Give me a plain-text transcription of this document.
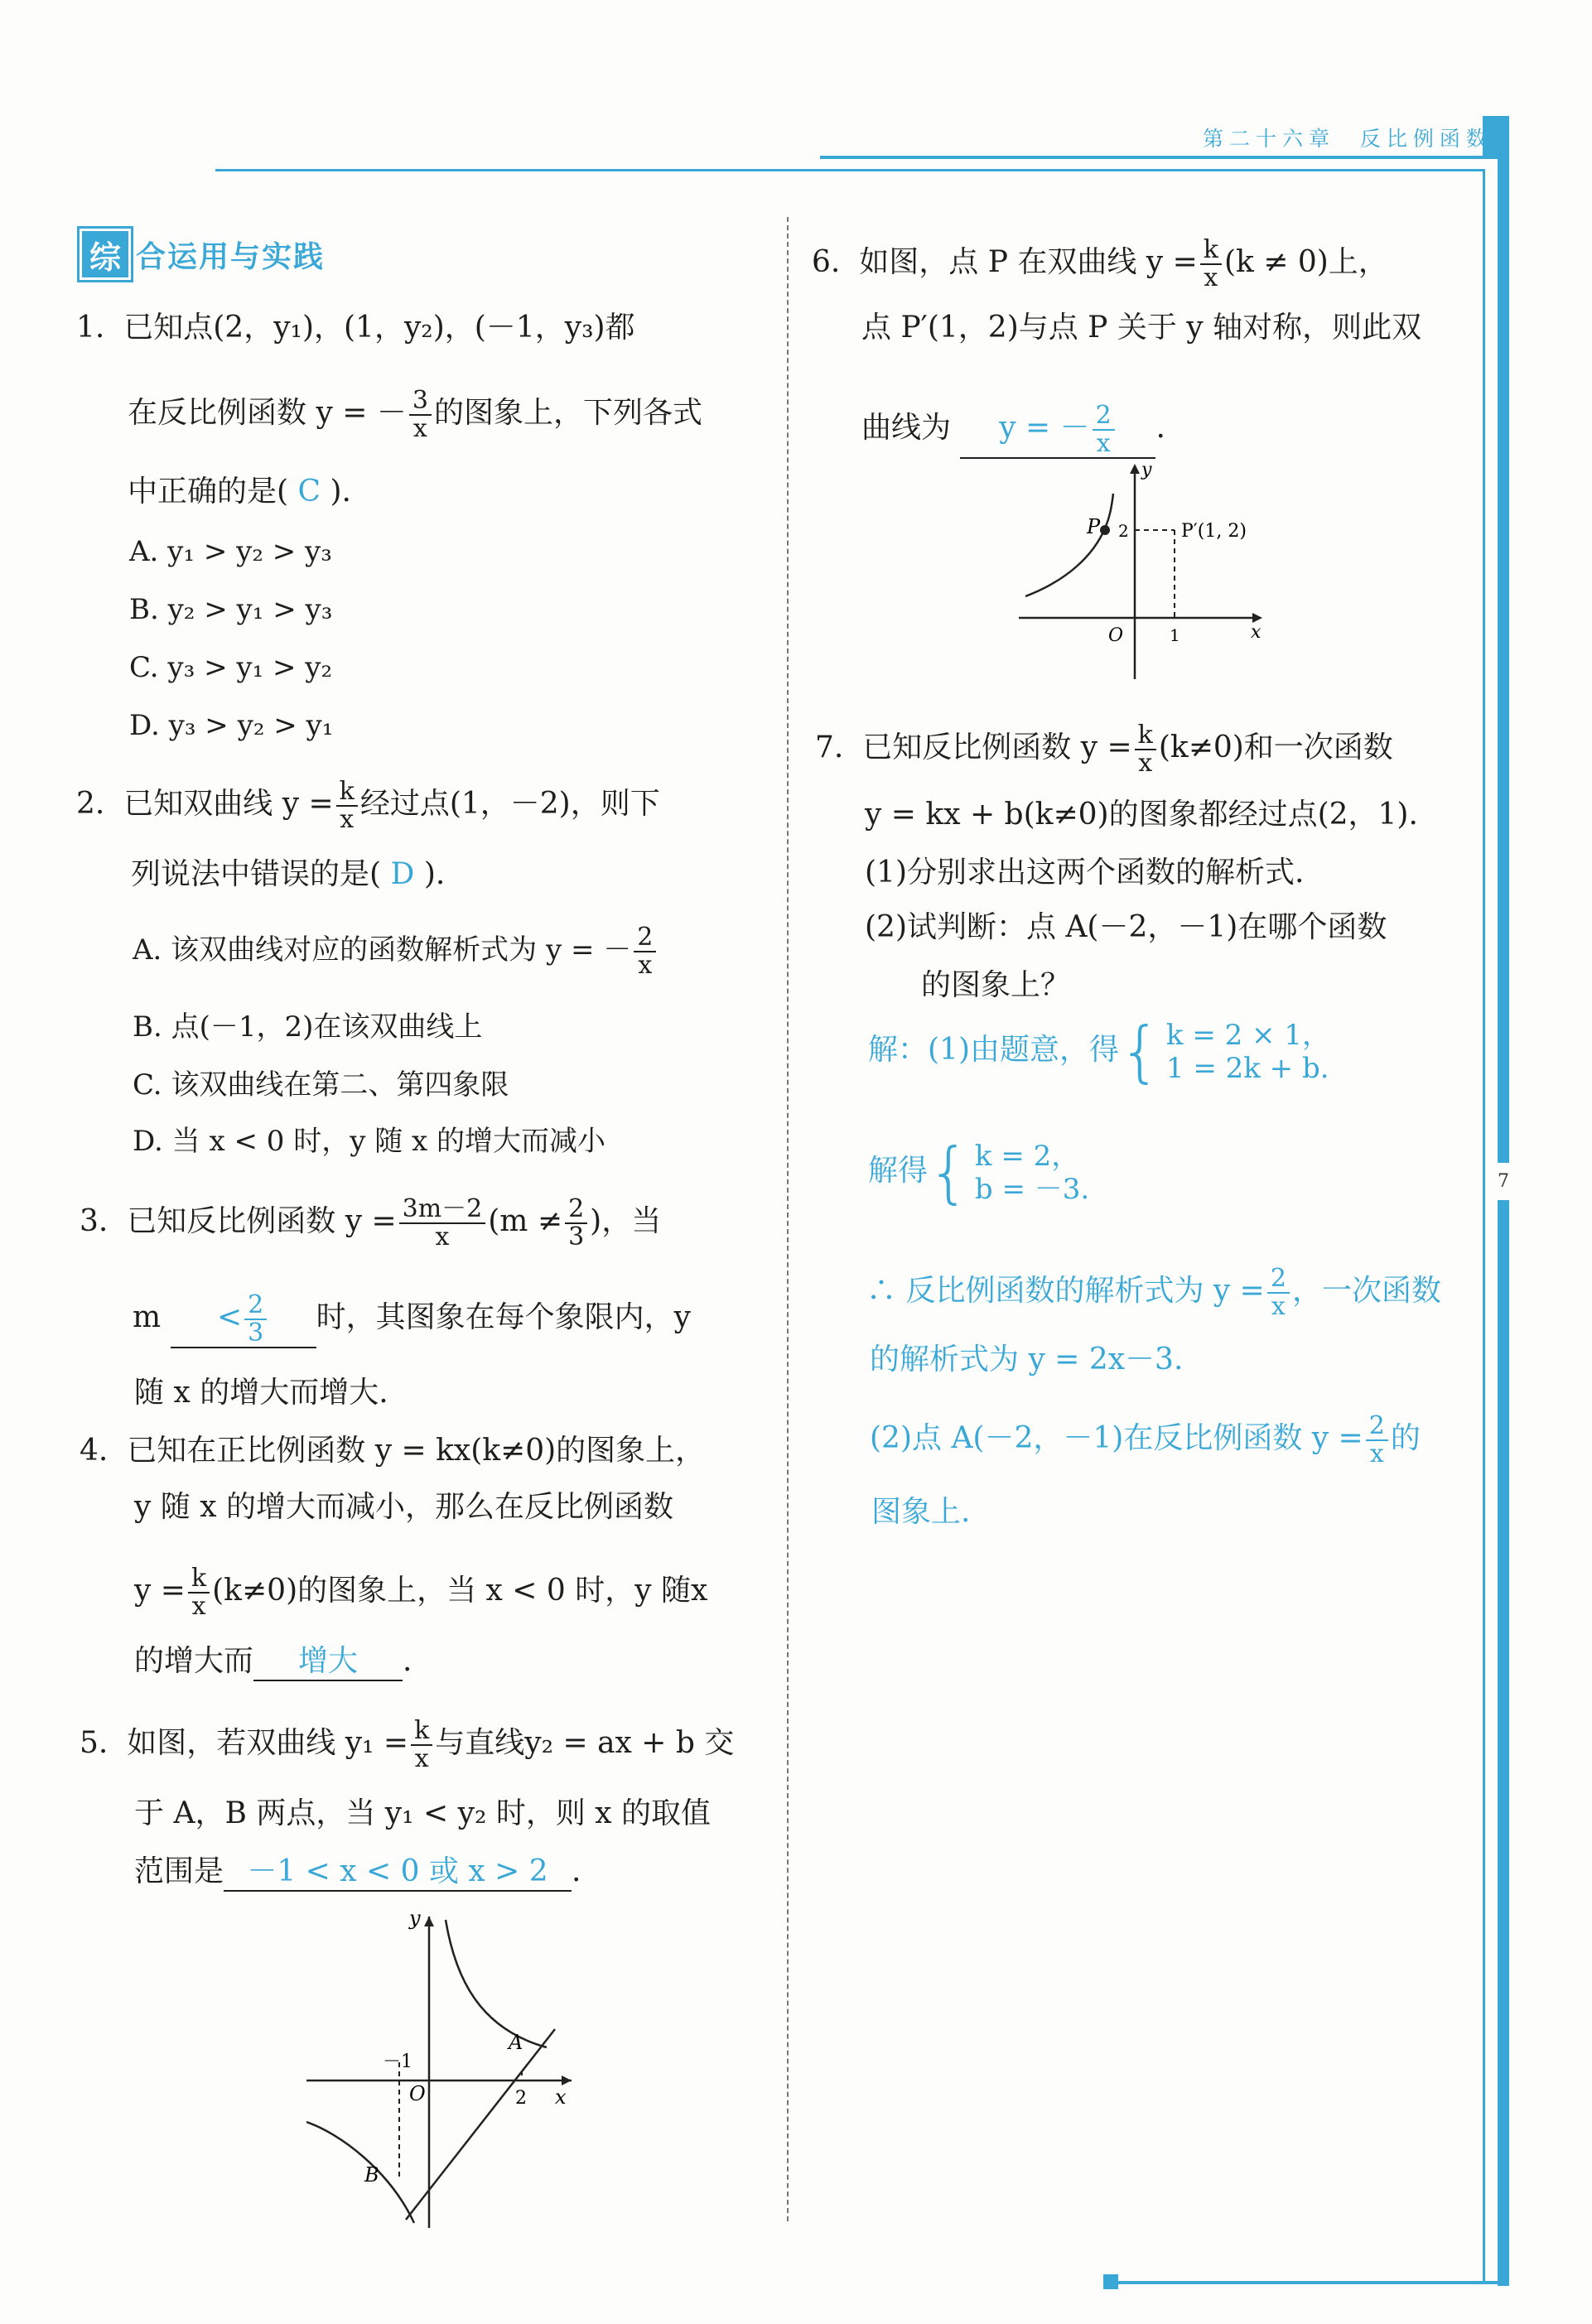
第二十六章 反比例函数
7
综 合运用与实践
1. 已知点(2，y₁)，(1，y₂)，(－1，y₃)都
在反比例函数 y = － $\frac{3}{x}$ 的图象上，下列各式
中正确的是( C ).
A. y₁ > y₂ > y₃
B. y₂ > y₁ > y₃
C. y₃ > y₁ > y₂
D. y₃ > y₂ > y₁
2. 已知双曲线 $y = \frac{k}{x}$ 经过点(1，－2)，则下
列说法中错误的是( D ).
A. 该双曲线对应的函数解析式为 y = － $\frac{2}{x}$
B. 点(－1，2)在该双曲线上
C. 该双曲线在第二、第四象限
D. 当 x < 0 时，y 随 x 的增大而减小
3. 已知反比例函数 $y = \frac{3m-2}{x} (m \ne \frac{2}{3}$ )，当
$m < \frac{2}{3}$ 时，其图象在每个象限内，y
随 x 的增大而增大.
4. 已知在正比例函数 y = kx(k≠0)的图象上，
y 随 x 的增大而减小，那么在反比例函数
$y = \frac{k}{x} (k\ne 0)$的图象上，当 x < 0 时，y 随x
的增大而 增大 .
5. 如图，若双曲线 $y_1 = \frac{k}{x}$ 与直线y₂ = ax + b 交
于 A，B 两点，当 y₁ < y₂ 时，则 x 的取值
范围是 －1 < x < 0 或 x > 2 .
y
x
O
－1
2
A
B
6. 如图，点 P 在双曲线 $y = \frac{k}{x} (k \ne 0)$上，
点 P′(1，2)与点 P 关于 y 轴对称，则此双
曲线为 y = － $\frac{2}{x}$ .
y
x
O
P	P′(1, 2)
2
1
7. 已知反比例函数 $y = \frac{k}{x} (k\ne 0)$和一次函数
y = kx + b(k≠0)的图象都经过点(2，1).
(1)分别求出这两个函数的解析式.
(2)试判断：点 A(－2，－1)在哪个函数
的图象上？
解：(1)由题意，得 { k = 2 × 1，
1 = 2k + b.
解得 { k = 2，
b = －3.
∴ 反比例函数的解析式为 $y = \frac{2}{x}$ ，一次函数
的解析式为 y = 2x－3.
(2)点 A(－2，－1)在反比例函数 $y = \frac{2}{x}$ 的
图象上.
